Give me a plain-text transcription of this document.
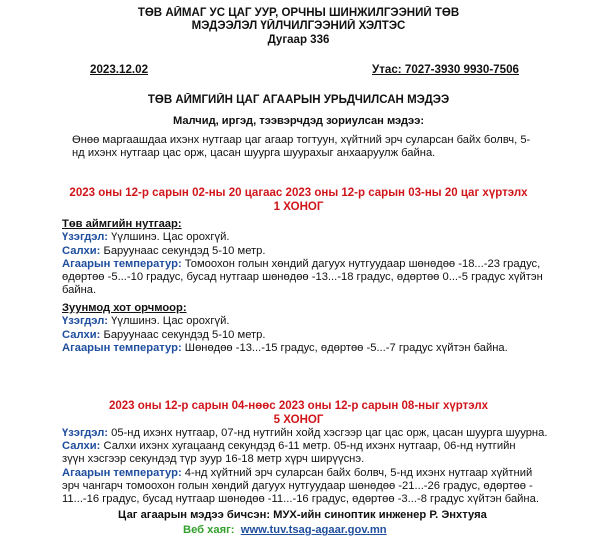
ТӨВ АЙМАГ УС ЦАГ УУР, ОРЧНЫ ШИНЖИЛГЭЭНИЙ ТӨВ
МЭДЭЭЛЭЛ ҮЙЛЧИЛГЭЭНИЙ ХЭЛТЭС
Дугаар 336
2023.12.02	Утас: 7027-3930 9930-7506
ТӨВ АЙМГИЙН ЦАГ АГААРЫН УРЬДЧИЛСАН МЭДЭЭ
Малчид, иргэд, тээвэрчдэд зориулсан мэдээ:
Өнөө маргаашдаа ихэнх нутгаар цаг агаар тогтуун, хүйтний эрч суларсан байх болвч, 5-
нд ихэнх нутгаар цас орж, цасан шуурга шуурахыг анхааруулж байна.
2023 оны 12-р сарын 02-ны 20 цагаас 2023 оны 12-р сарын 03-ны 20 цаг хүртэлх
1 ХОНОГ
Төв аймгийн нутгаар:
Үзэгдэл: Үүлшинэ. Цас орохгүй.
Салхи: Баруунаас секундэд 5-10 метр.
Агаарын температур: Томоохон голын хөндий дагуух нутгуудаар шөнөдөө -18...-23 градус,
өдөртөө -5...-10 градус, бусад нутгаар шөнөдөө -13...-18 градус, өдөртөө 0...-5 градус хүйтэн
байна.
Зуунмод хот орчмоор:
Үзэгдэл: Үүлшинэ. Цас орохгүй.
Салхи: Баруунаас секундэд 5-10 метр.
Агаарын температур: Шөнөдөө -13...-15 градус, өдөртөө -5...-7 градус хүйтэн байна.
2023 оны 12-р сарын 04-нөөс 2023 оны 12-р сарын 08-ныг хүртэлх
5 ХОНОГ
Үзэгдэл: 05-нд ихэнх нутгаар, 07-нд нутгийн хойд хэсгээр цаг цас орж, цасан шуурга шуурна.
Салхи: Салхи ихэнх хугацаанд секундэд 6-11 метр. 05-нд ихэнх нутгаар, 06-нд нутгийн
зүүн хэсгээр секундэд түр зуур 16-18 метр хүрч ширүүснэ.
Агаарын температур: 4-нд хүйтний эрч суларсан байх болвч, 5-нд ихэнх нутгаар хүйтний
эрч чангарч томоохон голын хөндий дагуух нутгуудаар шөнөдөө -21...-26 градус, өдөртөө -
11...-16 градус, бусад нутгаар шөнөдөө -11...-16 градус, өдөртөө -3...-8 градус хүйтэн байна.
Цаг агаарын мэдээ бичсэн: МУХ-ийн синоптик инженер Р. Энхтуяа
Веб хаяг: www.tuv.tsag-agaar.gov.mn
